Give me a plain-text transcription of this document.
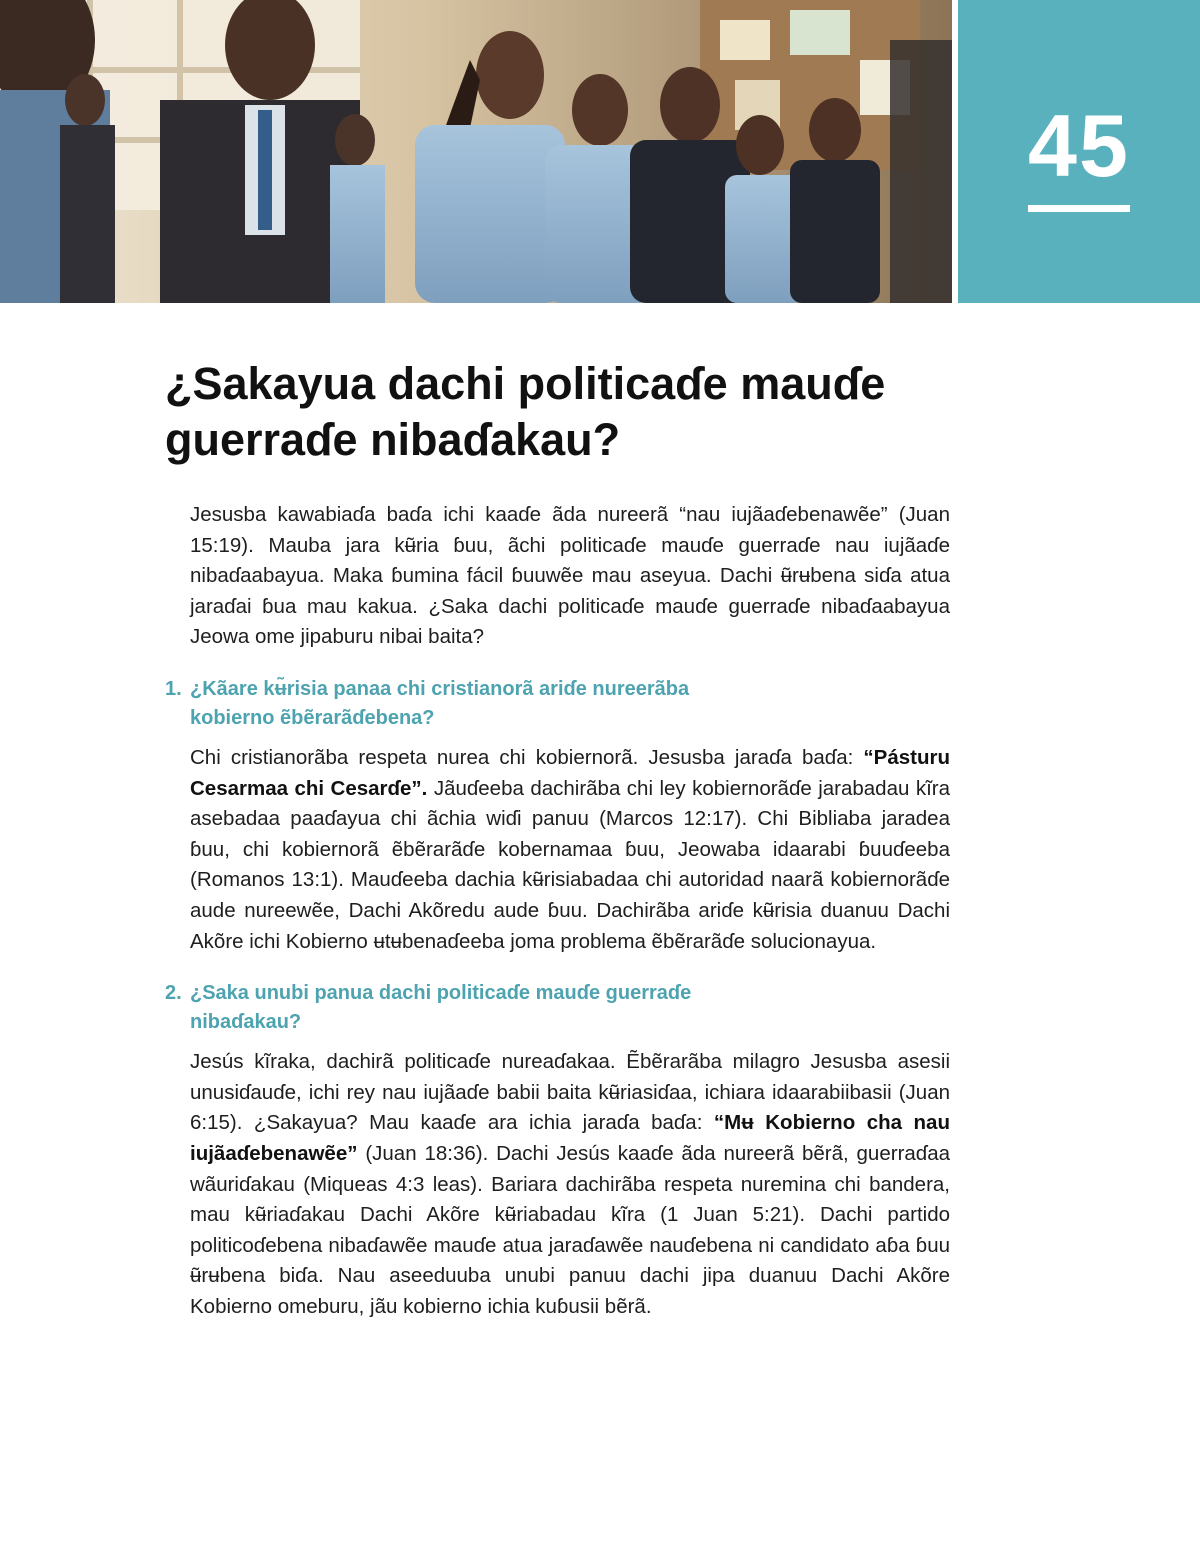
45
¿Sakayua dachi politicaɗe mauɗe guerraɗe nibaɗakau?

Jesusba kawabiaɗa baɗa ichi kaaɗe ãda nureerã “nau iujãaɗebenawẽe” (Juan 15:19). Mauba jara kʉ̃ria ɓuu, ãchi politicaɗe mauɗe guerraɗe nau iujãaɗe nibaɗaabayua. Maka ɓumina fácil ɓuuwẽe mau aseyua. Dachi ʉ̃rʉbena siɗa atua jaraɗai ɓua mau kakua. ¿Saka dachi politicaɗe mauɗe guerraɗe nibaɗaabayua Jeowa ome jipaburu nibai baita?

1. ¿Kãare kʉ̃risia panaa chi cristianorã ariɗe nureerãba kobierno ẽbẽrarãɗebena?

Chi cristianorãba respeta nurea chi kobiernorã. Jesusba jaraɗa baɗa: “Pásturu Cesarmaa chi Cesarɗe”. Jãuɗeeba dachirãba chi ley kobiernorãɗe jarabadau kĩra asebadaa paaɗayua chi ãchia wiɗi panuu (Marcos 12:17). Chi Bibliaba jaradea ɓuu, chi kobiernorã ẽbẽrarãɗe kobernamaa ɓuu, Jeowaba idaarabi ɓuuɗeeba (Romanos 13:1). Mauɗeeba dachia kʉ̃risiabadaa chi autoridad naarã kobiernorãɗe aude nureewẽe, Dachi Akõredu aude ɓuu. Dachirãba ariɗe kʉ̃risia duanuu Dachi Akõre ichi Kobierno ʉtʉbenaɗeeba joma problema ẽbẽrarãɗe solucionayua.

2. ¿Saka unubi panua dachi politicaɗe mauɗe guerraɗe nibaɗakau?

Jesús kĩraka, dachirã politicaɗe nureaɗakaa. Ẽbẽrarãba milagro Jesusba asesii unusiɗauɗe, ichi rey nau iujãaɗe babii baita kʉ̃riasiɗaa, ichiara idaarabiibasii (Juan 6:15). ¿Sakayua? Mau kaaɗe ara ichia jaraɗa baɗa: “Mʉ Kobierno cha nau iujãaɗebenawẽe” (Juan 18:36). Dachi Jesús kaaɗe ãda nureerã bẽrã, guerraɗaa wãuriɗakau (Miqueas 4:3 leas). Bariara dachirãba respeta nuremina chi bandera, mau kʉ̃riaɗakau Dachi Akõre kʉ̃riabadau kĩra (1 Juan 5:21). Dachi partido politicoɗebena nibaɗawẽe mauɗe atua jaraɗawẽe nauɗebena ni candidato aɓa ɓuu ʉ̃rʉbena biɗa. Nau aseeduuba unubi panuu dachi jipa duanuu Dachi Akõre Kobierno omeburu, jãu kobierno ichia kuɓusii bẽrã.
